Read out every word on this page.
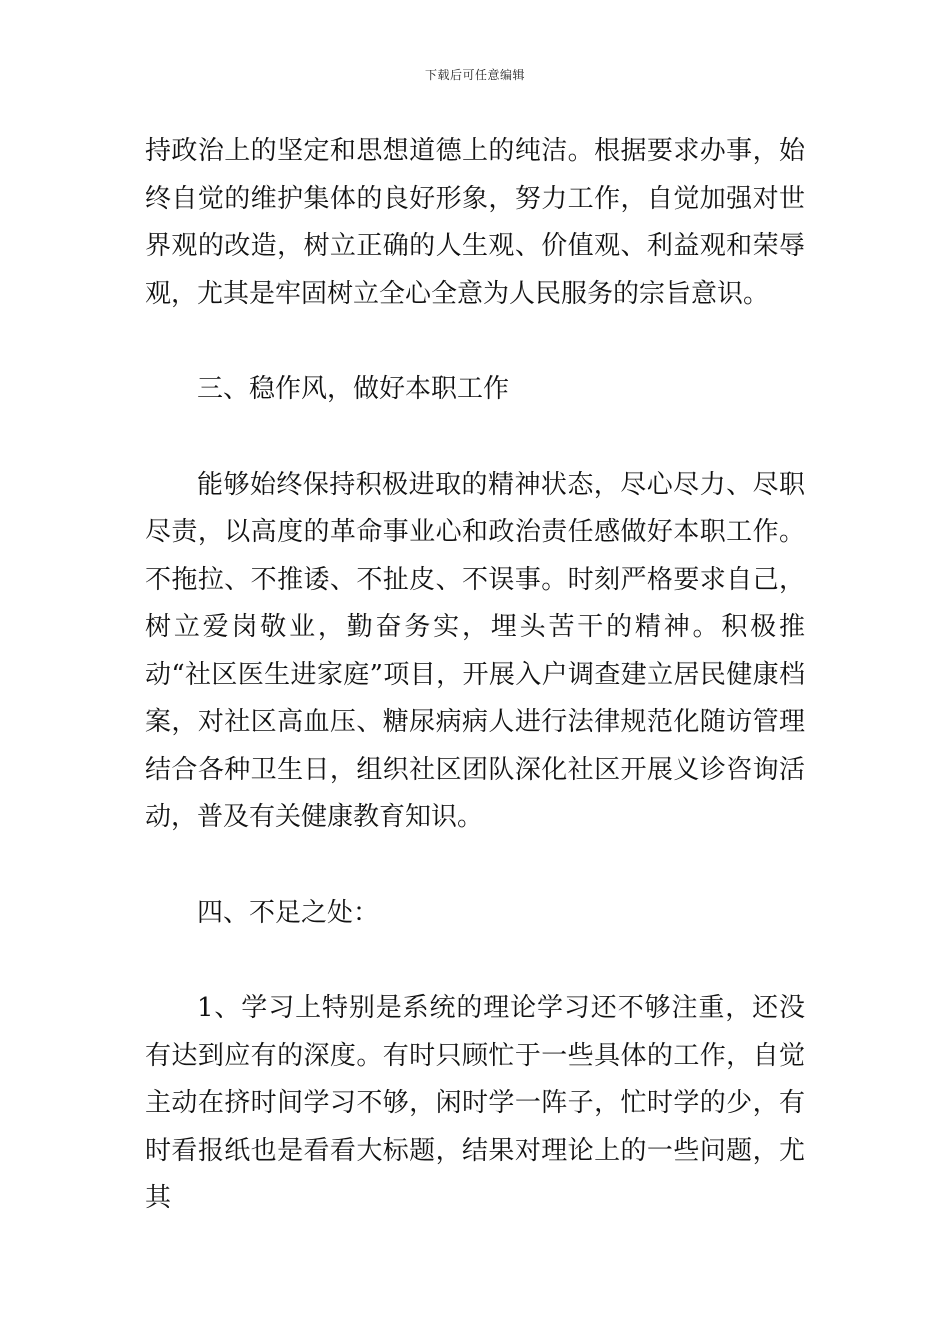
下载后可任意编辑

持政治上的坚定和思想道德上的纯洁。根据要求办事，始终自觉的维护集体的良好形象，努力工作，自觉加强对世界观的改造，树立正确的人生观、价值观、利益观和荣辱观，尤其是牢固树立全心全意为人民服务的宗旨意识。

三、稳作风，做好本职工作

能够始终保持积极进取的精神状态，尽心尽力、尽职尽责，以高度的革命事业心和政治责任感做好本职工作。不拖拉、不推诿、不扯皮、不误事。时刻严格要求自己，树立爱岗敬业，勤奋务实，埋头苦干的精神。积极推动“社区医生进家庭”项目，开展入户调查建立居民健康档案，对社区高血压、糖尿病病人进行法律规范化随访管理结合各种卫生日，组织社区团队深化社区开展义诊咨询活动，普及有关健康教育知识。

四、不足之处：

1、学习上特别是系统的理论学习还不够注重，还没有达到应有的深度。有时只顾忙于一些具体的工作，自觉主动在挤时间学习不够，闲时学一阵子，忙时学的少，有时看报纸也是看看大标题，结果对理论上的一些问题，尤其
